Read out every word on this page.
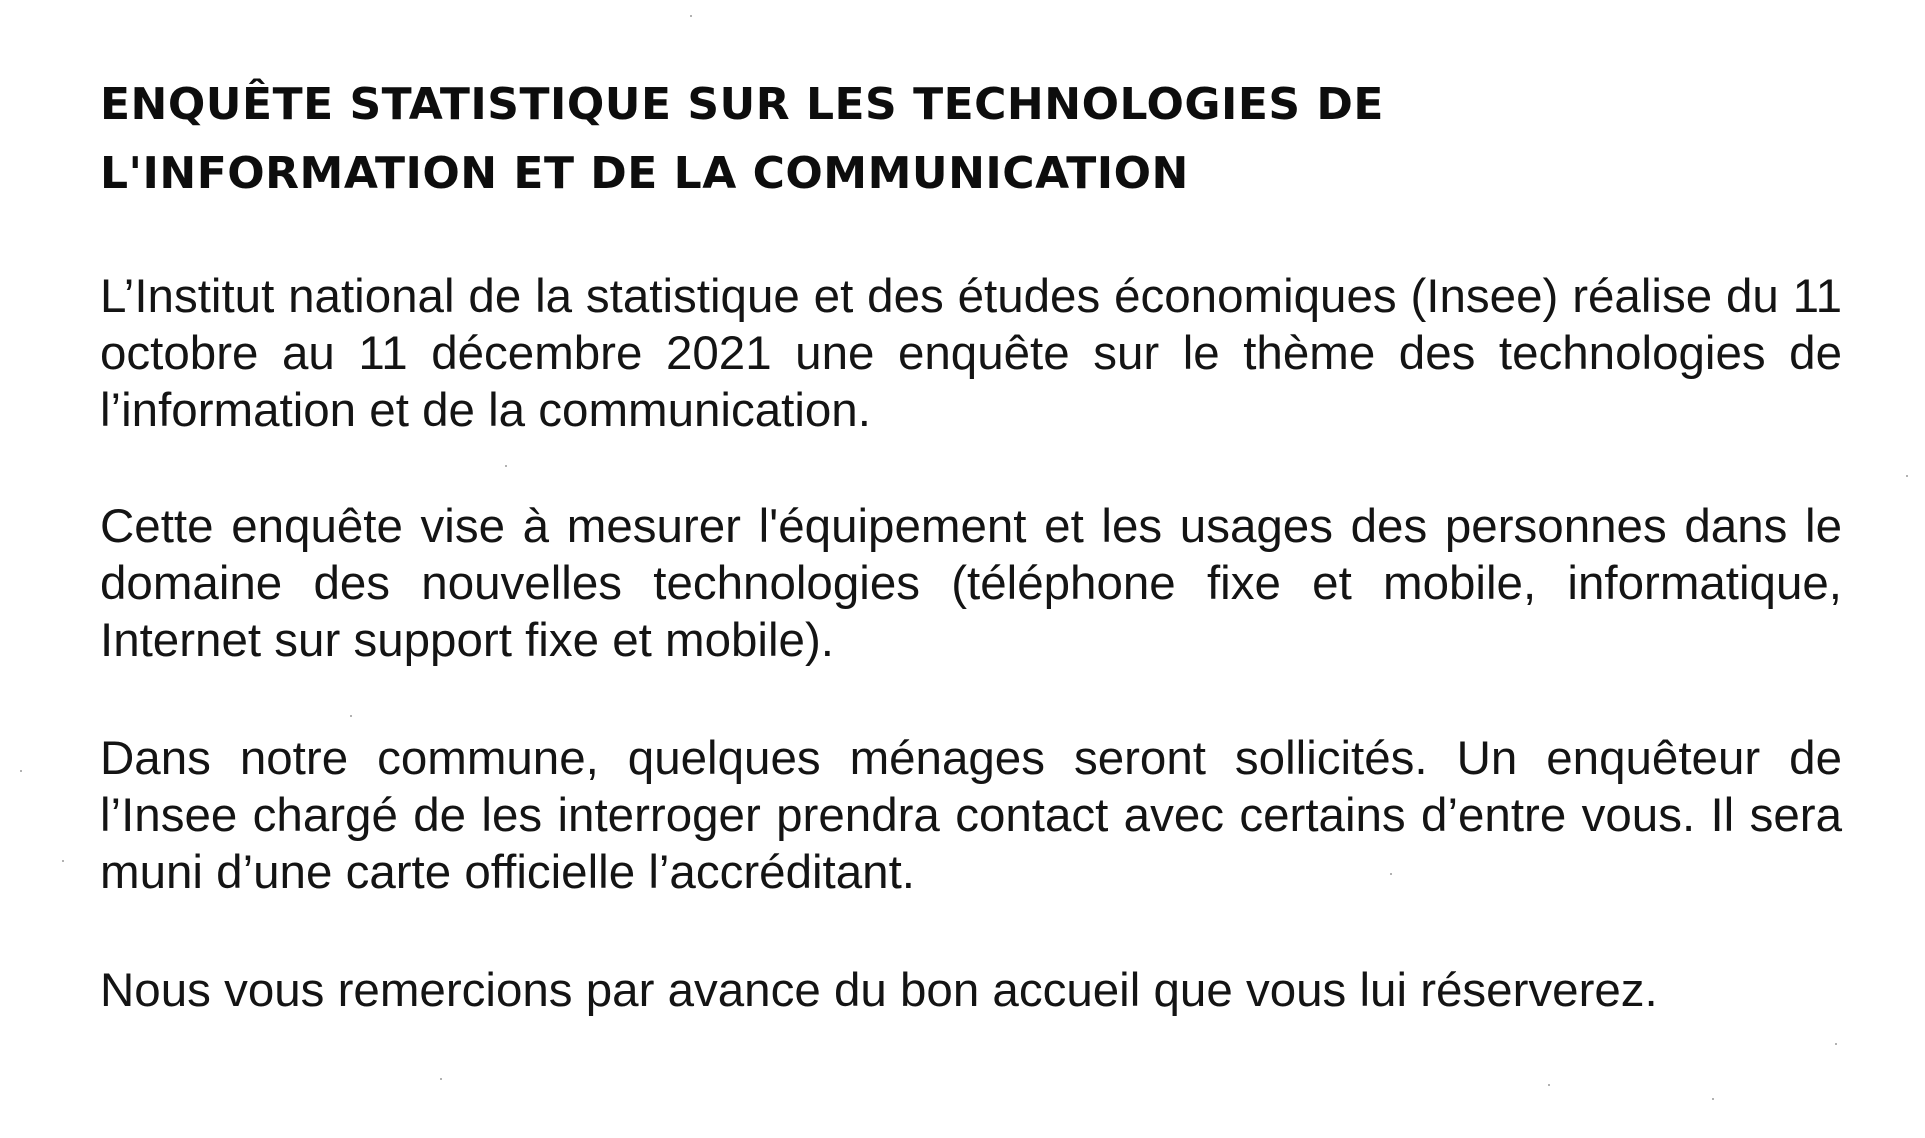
ENQUÊTE STATISTIQUE SUR LES TECHNOLOGIES DE
L'INFORMATION ET DE LA COMMUNICATION

L’Institut national de la statistique et des études économiques (Insee) réalise du 11 octobre au 11 décembre 2021 une enquête sur le thème des technologies de l’information et de la communication.

Cette enquête vise à mesurer l'équipement et les usages des personnes dans le domaine des nouvelles technologies (téléphone fixe et mobile, informatique, Internet sur support fixe et mobile).

Dans notre commune, quelques ménages seront sollicités. Un enquêteur de l’Insee chargé de les interroger prendra contact avec certains d’entre vous. Il sera muni d’une carte officielle l’accréditant.

Nous vous remercions par avance du bon accueil que vous lui réserverez.
